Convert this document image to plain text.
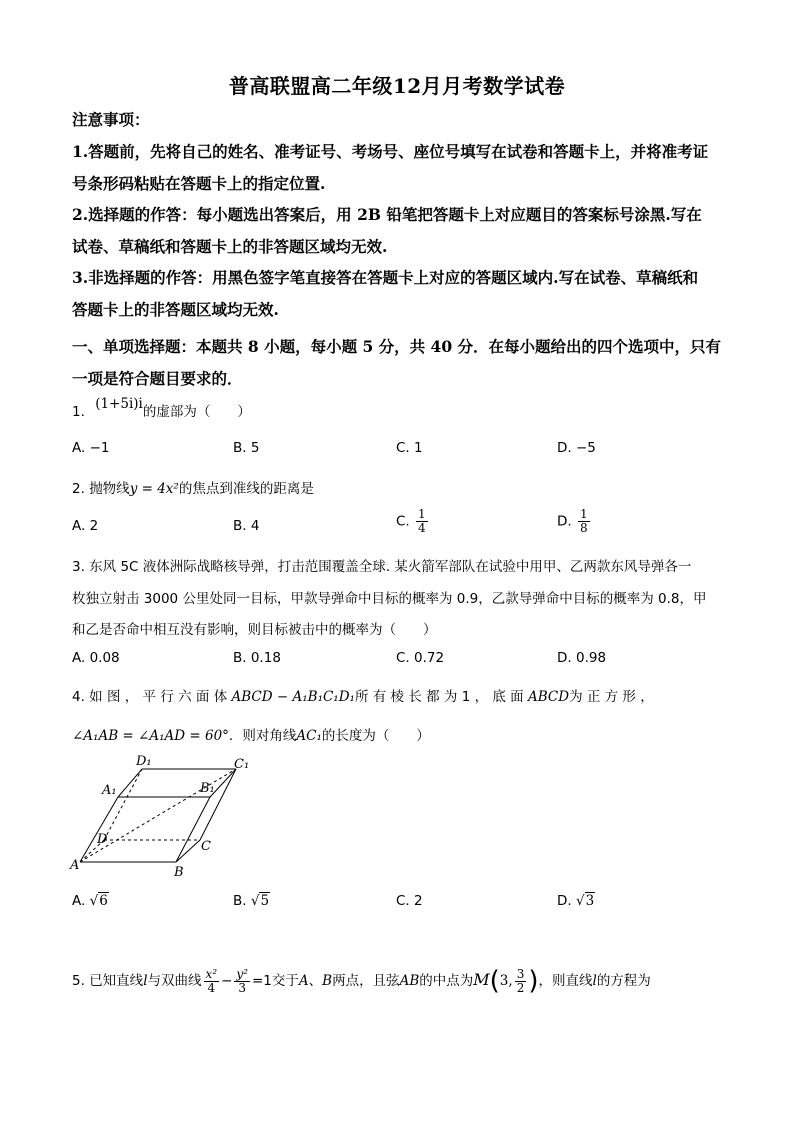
普高联盟高二年级12月月考数学试卷
注意事项：
1.答题前，先将自己的姓名、准考证号、考场号、座位号填写在试卷和答题卡上，并将准考证
号条形码粘贴在答题卡上的指定位置.
2.选择题的作答：每小题选出答案后，用 2B 铅笔把答题卡上对应题目的答案标号涂黑.写在
试卷、草稿纸和答题卡上的非答题区域均无效.
3.非选择题的作答：用黑色签字笔直接答在答题卡上对应的答题区域内.写在试卷、草稿纸和
答题卡上的非答题区域均无效.
一、单项选择题：本题共 8 小题，每小题 5 分，共 40 分．在每小题给出的四个选项中，只有
一项是符合题目要求的．
1. (1+5i)i的虚部为（　　）
A. −1	B. 5	C. 1	D. −5
2. 抛物线y = 4x²的焦点到准线的距离是
A. 2	B. 4	C. $\frac{1}{4}$	D. $\frac{1}{8}$
3. 东风 5C 液体洲际战略核导弹，打击范围覆盖全球. 某火箭军部队在试验中用甲、乙两款东风导弹各一
枚独立射击 3000 公里处同一目标，甲款导弹命中目标的概率为 0.9，乙款导弹命中目标的概率为 0.8，甲
和乙是否命中相互没有影响，则目标被击中的概率为（　　）
A. 0.08	B. 0.18	C. 0.72	D. 0.98
4. 如 图 ， 平 行 六 面 体 ABCD − A₁B₁C₁D₁所 有 棱 长 都 为 1 ， 底 面 ABCD为 正 方 形 ，
∠A₁AB = ∠A₁AD = 60°．则对角线AC₁的长度为（　　）
D₁	C₁
A₁	B₁
D	C
A	B
A. √6	B. √5	C. 2	D. √3
5. 已知直线l与双曲线 $\frac{\text{x²}}{4} - \frac{\text{y²}}{3} =1$交于A、B两点，且弦AB的中点为M(3, $\frac{3}{2}$ )，则直线l的方程为
